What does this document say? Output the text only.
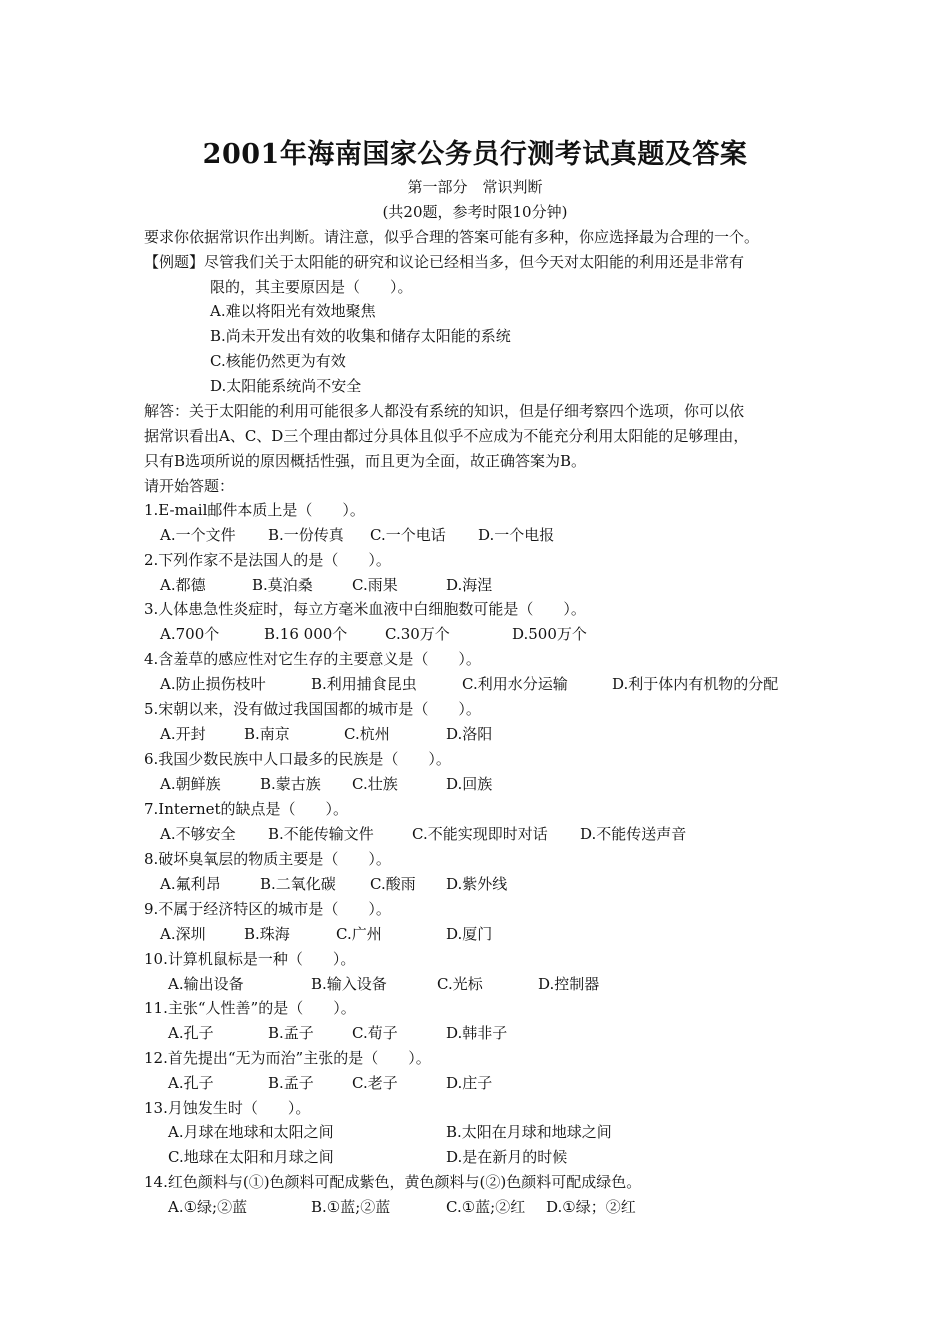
2001年海南国家公务员行测考试真题及答案
第一部分　常识判断
(共20题，参考时限10分钟)
要求你依据常识作出判断。请注意，似乎合理的答案可能有多种，你应选择最为合理的一个。
【例题】尽管我们关于太阳能的研究和议论已经相当多，但今天对太阳能的利用还是非常有
限的，其主要原因是（　　）。
A.难以将阳光有效地聚焦
B.尚未开发出有效的收集和储存太阳能的系统
C.核能仍然更为有效
D.太阳能系统尚不安全
解答：关于太阳能的利用可能很多人都没有系统的知识，但是仔细考察四个选项，你可以依
据常识看出A、C、D三个理由都过分具体且似乎不应成为不能充分利用太阳能的足够理由，
只有B选项所说的原因概括性强，而且更为全面，故正确答案为B。
请开始答题：
1.E-mail邮件本质上是（　　）。
A.一个文件 B.一份传真 C.一个电话 D.一个电报
2.下列作家不是法国人的是（　　）。
A.都德	B.莫泊桑	C.雨果	D.海涅
3.人体患急性炎症时，每立方毫米血液中白细胞数可能是（　　）。
A.700个	B.16 000个	C.30万个	D.500万个
4.含羞草的感应性对它生存的主要意义是（　　）。
A.防止损伤枝叶	B.利用捕食昆虫	C.利用水分运输	D.利于体内有机物的分配
5.宋朝以来，没有做过我国国都的城市是（　　）。
A.开封	B.南京	C.杭州	D.洛阳
6.我国少数民族中人口最多的民族是（　　）。
A.朝鲜族	B.蒙古族 C.壮族	D.回族
7.Internet的缺点是（　　）。
A.不够安全 B.不能传输文件	C.不能实现即时对话 D.不能传送声音
8.破坏臭氧层的物质主要是（　　）。
A.氟利昂	B.二氧化碳 C.酸雨 D.紫外线
9.不属于经济特区的城市是（　　）。
A.深圳	B.珠海	C.广州	D.厦门
10.计算机鼠标是一种（　　）。
A.输出设备	B.输入设备	C.光标	D.控制器
11.主张“人性善”的是（　　）。
A.孔子	B.孟子	C.荀子	D.韩非子
12.首先提出“无为而治”主张的是（　　）。
A.孔子	B.孟子	C.老子	D.庄子
13.月蚀发生时（　　）。
A.月球在地球和太阳之间	B.太阳在月球和地球之间
C.地球在太阳和月球之间	D.是在新月的时候
14.红色颜料与(①)色颜料可配成紫色，黄色颜料与(②)色颜料可配成绿色。
A.①绿;②蓝	B.①蓝;②蓝	C.①蓝;②红 D.①绿；②红
